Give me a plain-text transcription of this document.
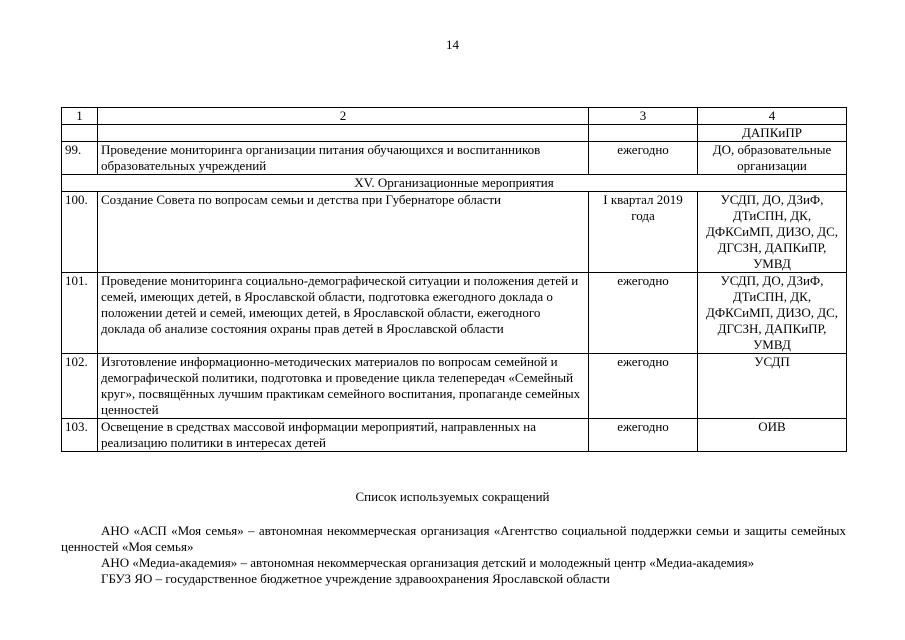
14
1	2	3	4
			ДАПКиПР
99.	Проведение мониторинга организации питания обучающихся и воспитанников образовательных учреждений	ежегодно	ДО, образовательные организации
XV. Организационные мероприятия			
100.	Создание Совета по вопросам семьи и детства при Губернаторе области	I квартал 2019 года	УСДП, ДО, ДЗиФ, ДТиСПН, ДК, ДФКСиМП, ДИЗО, ДС, ДГСЗН, ДАПКиПР, УМВД
101.	Проведение мониторинга социально-демографической ситуации и положения детей и семей, имеющих детей, в Ярославской области, подготовка ежегодного доклада о положении детей и семей, имеющих детей, в Ярославской области, ежегодного доклада об анализе состояния охраны прав детей в Ярославской области	ежегодно	УСДП, ДО, ДЗиФ, ДТиСПН, ДК, ДФКСиМП, ДИЗО, ДС, ДГСЗН, ДАПКиПР, УМВД
102.	Изготовление информационно-методических материалов по вопросам семейной и демографической политики, подготовка и проведение цикла телепередач «Семейный круг», посвящённых лучшим практикам семейного воспитания, пропаганде семейных ценностей	ежегодно	УСДП
103.	Освещение в средствах массовой информации мероприятий, направленных на реализацию политики в интересах детей	ежегодно	ОИВ
Список используемых сокращений

АНО «АСП «Моя семья» – автономная некоммерческая организация «Агентство социальной поддержки семьи и защиты семейных ценностей «Моя семья»

АНО «Медиа-академия» – автономная некоммерческая организация детский и молодежный центр «Медиа-академия»

ГБУЗ ЯО – государственное бюджетное учреждение здравоохранения Ярославской области
